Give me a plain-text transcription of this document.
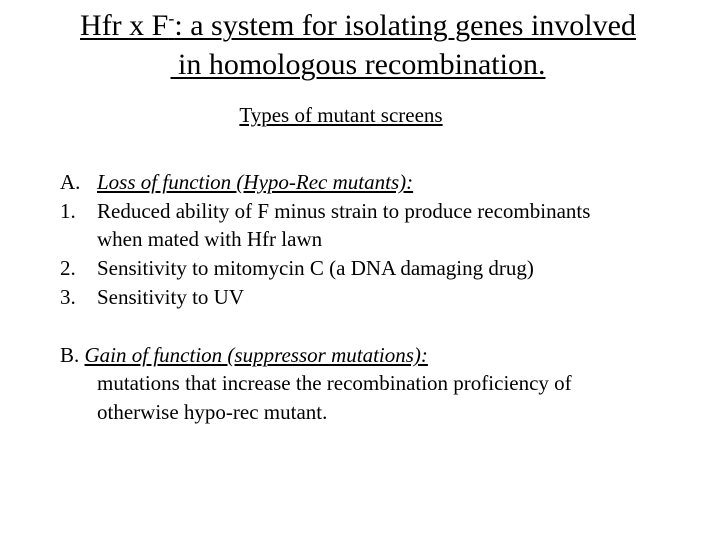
Hfr x F-: a system for isolating genes involved
in homologous recombination.
Types of mutant screens
A. Loss of function (Hypo-Rec mutants):
1. Reduced ability of F minus strain to produce recombinants
when mated with Hfr lawn
2. Sensitivity to mitomycin C (a DNA damaging drug)
3. Sensitivity to UV
B. Gain of function (suppressor mutations):
mutations that increase the recombination proficiency of
otherwise hypo-rec mutant.
